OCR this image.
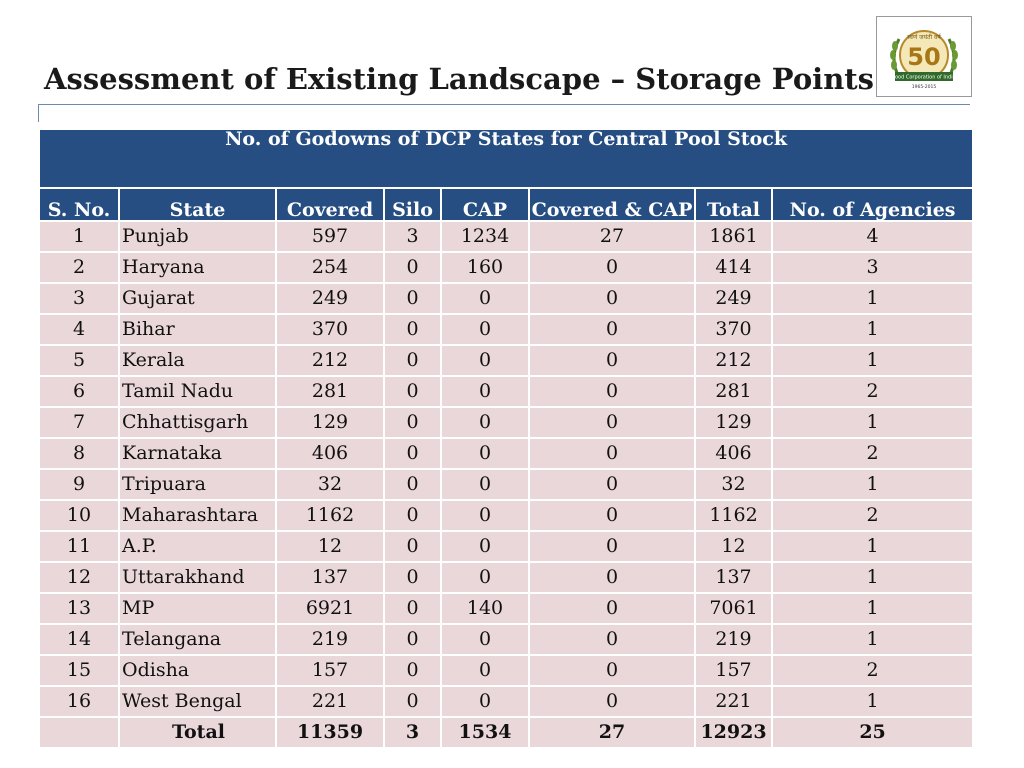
Assessment of Existing Landscape – Storage Points
स्वर्ण जयंती वर्ष
50
Food Corporation of India
1965-2015
No. of Godowns of DCP States for Central Pool Stock							
S. No.	State	Covered	Silo	CAP	Covered & CAP	Total	No. of Agencies
1	Punjab	597	3	1234	27	1861	4
2	Haryana	254	0	160	0	414	3
3	Gujarat	249	0	0	0	249	1
4	Bihar	370	0	0	0	370	1
5	Kerala	212	0	0	0	212	1
6	Tamil Nadu	281	0	0	0	281	2
7	Chhattisgarh	129	0	0	0	129	1
8	Karnataka	406	0	0	0	406	2
9	Tripuara	32	0	0	0	32	1
10	Maharashtara	1162	0	0	0	1162	2
11	A.P.	12	0	0	0	12	1
12	Uttarakhand	137	0	0	0	137	1
13	MP	6921	0	140	0	7061	1
14	Telangana	219	0	0	0	219	1
15	Odisha	157	0	0	0	157	2
16	West Bengal	221	0	0	0	221	1
	Total	11359	3	1534	27	12923	25
